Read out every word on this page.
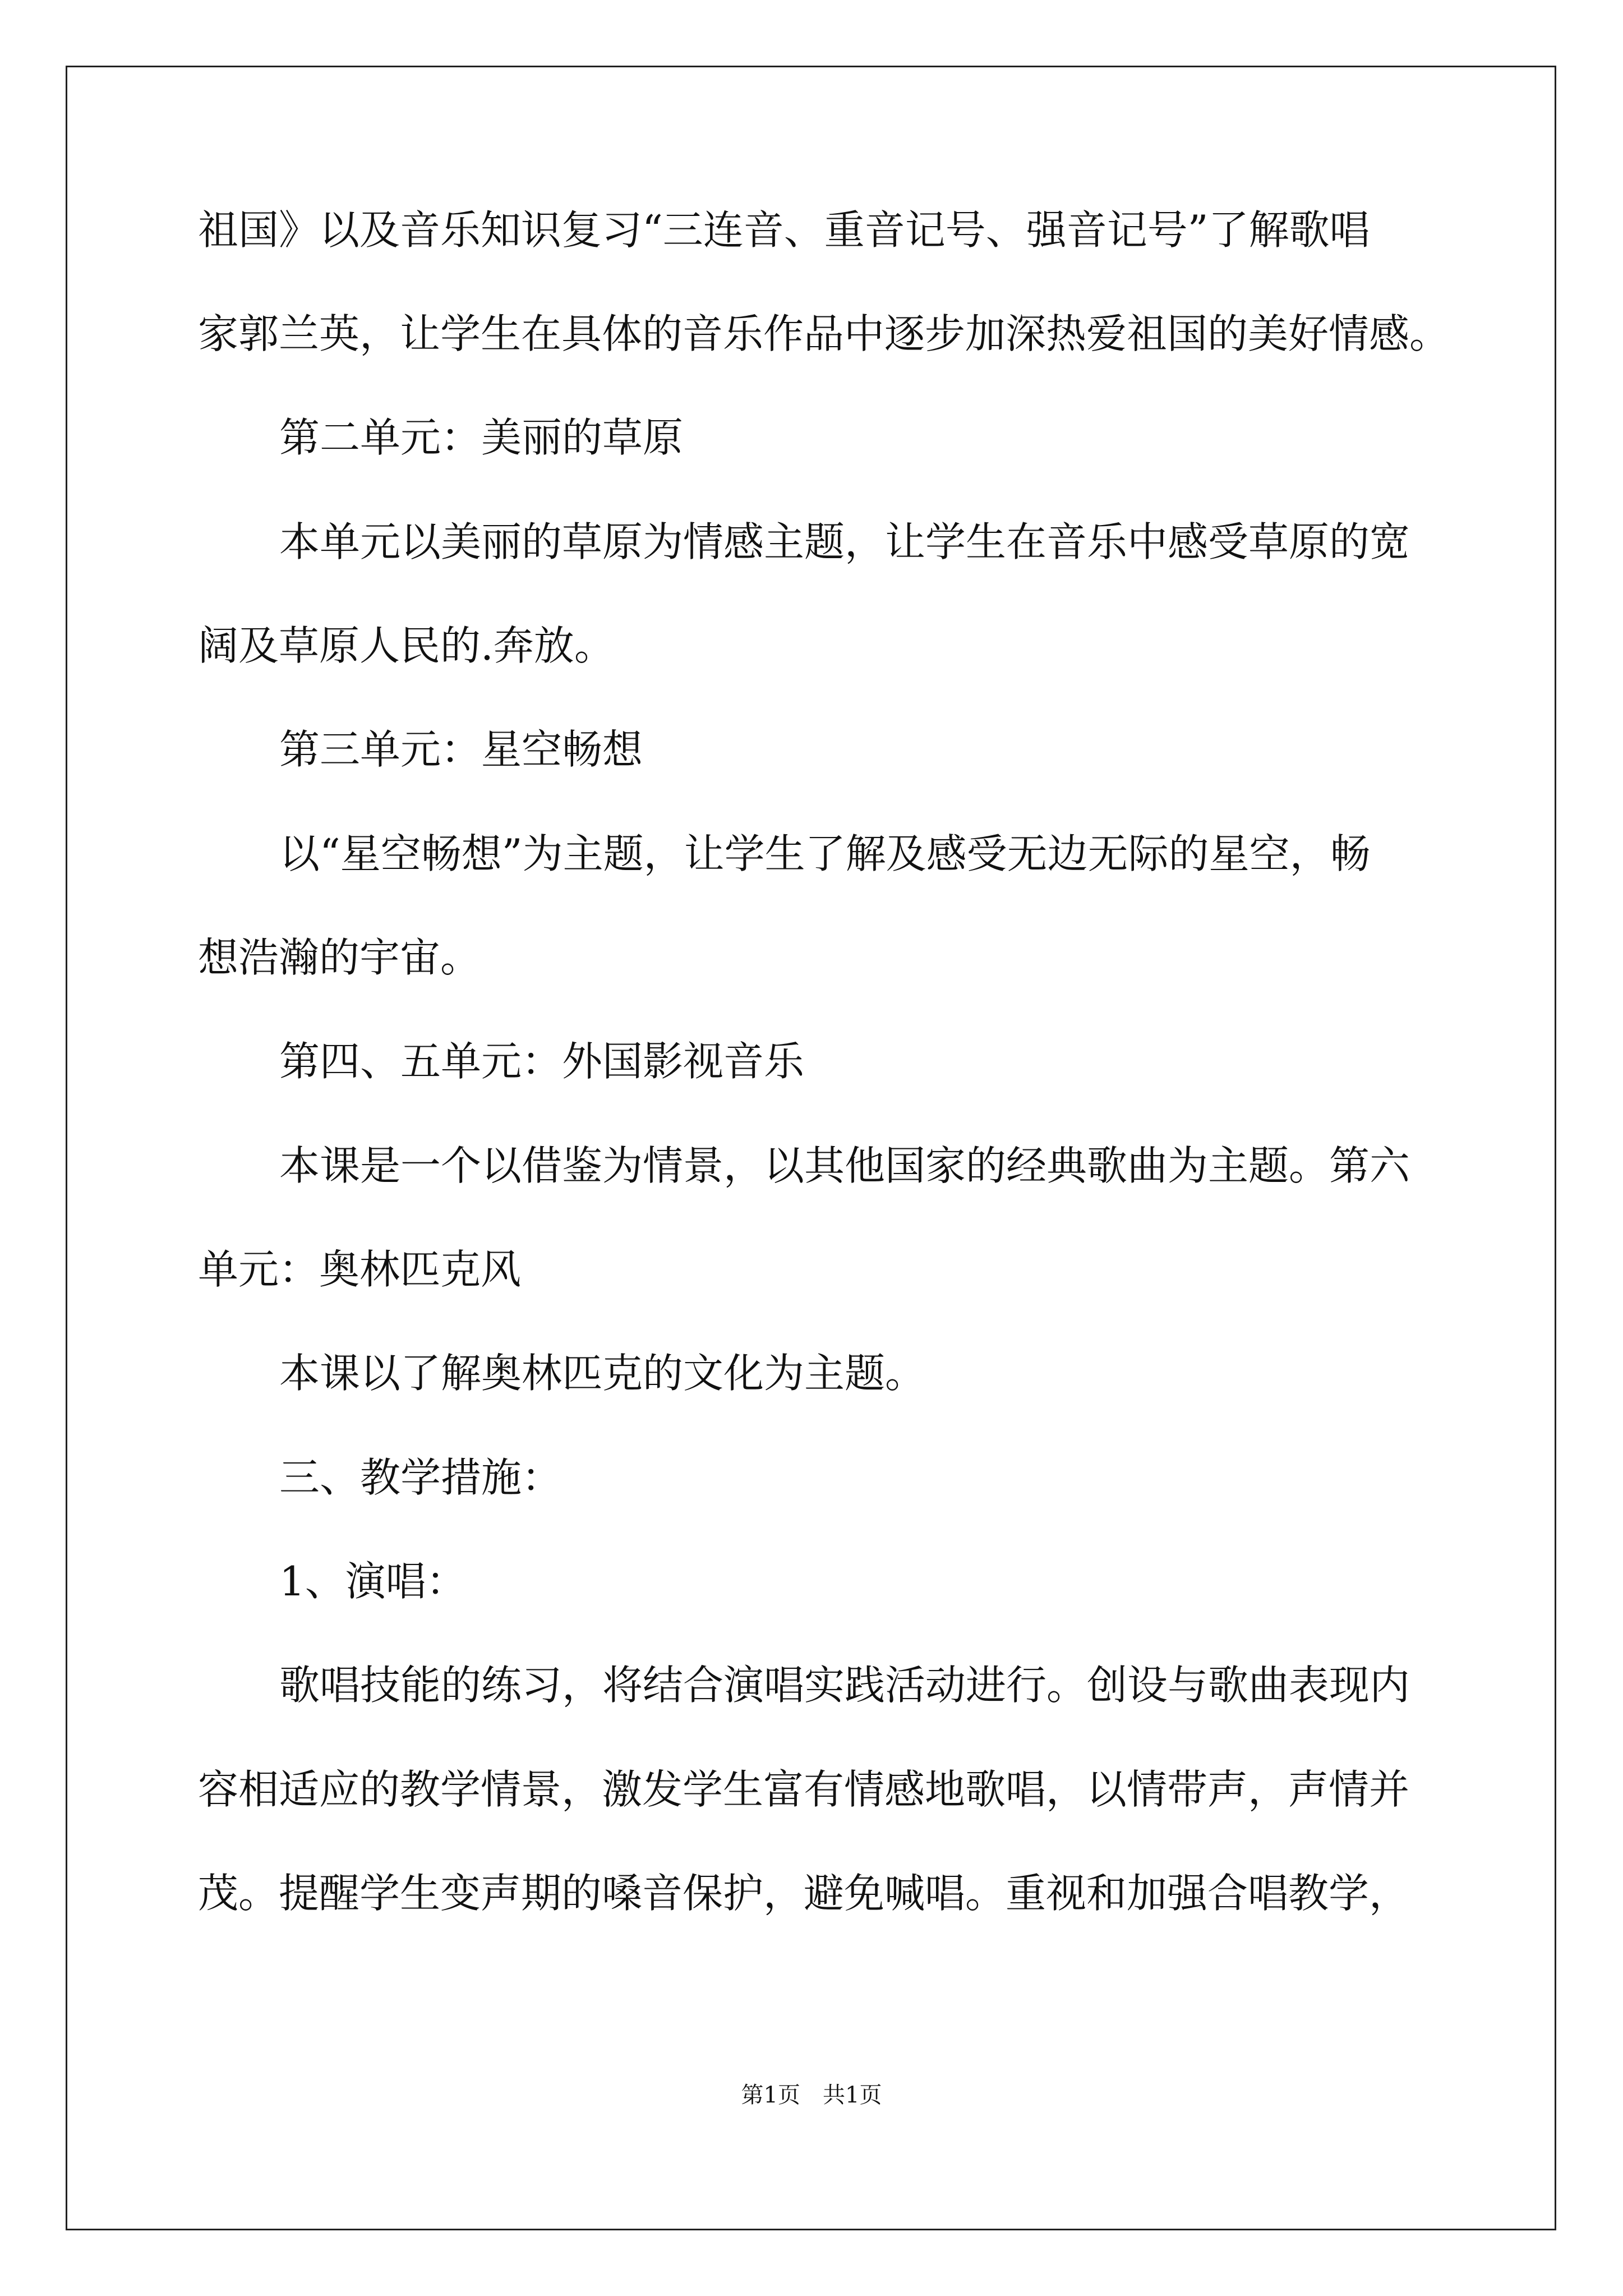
祖国》以及音乐知识复习“三连音、重音记号、强音记号”了解歌唱
家郭兰英，让学生在具体的音乐作品中逐步加深热爱祖国的美好情感。
第二单元：美丽的草原
本单元以美丽的草原为情感主题，让学生在音乐中感受草原的宽
阔及草原人民的.奔放。
第三单元：星空畅想
以“星空畅想”为主题，让学生了解及感受无边无际的星空，畅
想浩瀚的宇宙。
第四、五单元：外国影视音乐
本课是一个以借鉴为情景，以其他国家的经典歌曲为主题。第六
单元：奥林匹克风
本课以了解奥林匹克的文化为主题。
三、教学措施：
1、演唱：
歌唱技能的练习，将结合演唱实践活动进行。创设与歌曲表现内
容相适应的教学情景，激发学生富有情感地歌唱，以情带声，声情并
茂。提醒学生变声期的嗓音保护，避免喊唱。重视和加强合唱教学，
第1页 共1页
